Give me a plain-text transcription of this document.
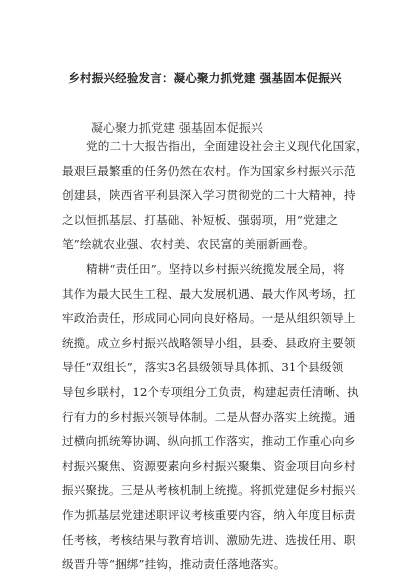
乡村振兴经验发言：凝心聚力抓党建 强基固本促振兴
凝心聚力抓党建 强基固本促振兴
党的二十大报告指出，全面建设社会主义现代化国家，
最艰巨最繁重的任务仍然在农村。作为国家乡村振兴示范
创建县，陕西省平利县深入学习贯彻党的二十大精神，持
之以恒抓基层、打基础、补短板、强弱项，用“党建之
笔”绘就农业强、农村美、农民富的美丽新画卷。
精耕“责任田”。坚持以乡村振兴统揽发展全局，将
其作为最大民生工程、最大发展机遇、最大作风考场，扛
牢政治责任，形成同心同向良好格局。一是从组织领导上
统揽。成立乡村振兴战略领导小组，县委、县政府主要领
导任“双组长”，落实3名县级领导具体抓、31个县级领
导包乡联村，12个专项组分工负责，构建起责任清晰、执
行有力的乡村振兴领导体制。二是从督办落实上统揽。通
过横向抓统筹协调、纵向抓工作落实，推动工作重心向乡
村振兴聚焦、资源要素向乡村振兴聚集、资金项目向乡村
振兴聚拢。三是从考核机制上统揽。将抓党建促乡村振兴
作为抓基层党建述职评议考核重要内容，纳入年度目标责
任考核，考核结果与教育培训、激励先进、选拔任用、职
级晋升等“捆绑”挂钩，推动责任落地落实。
